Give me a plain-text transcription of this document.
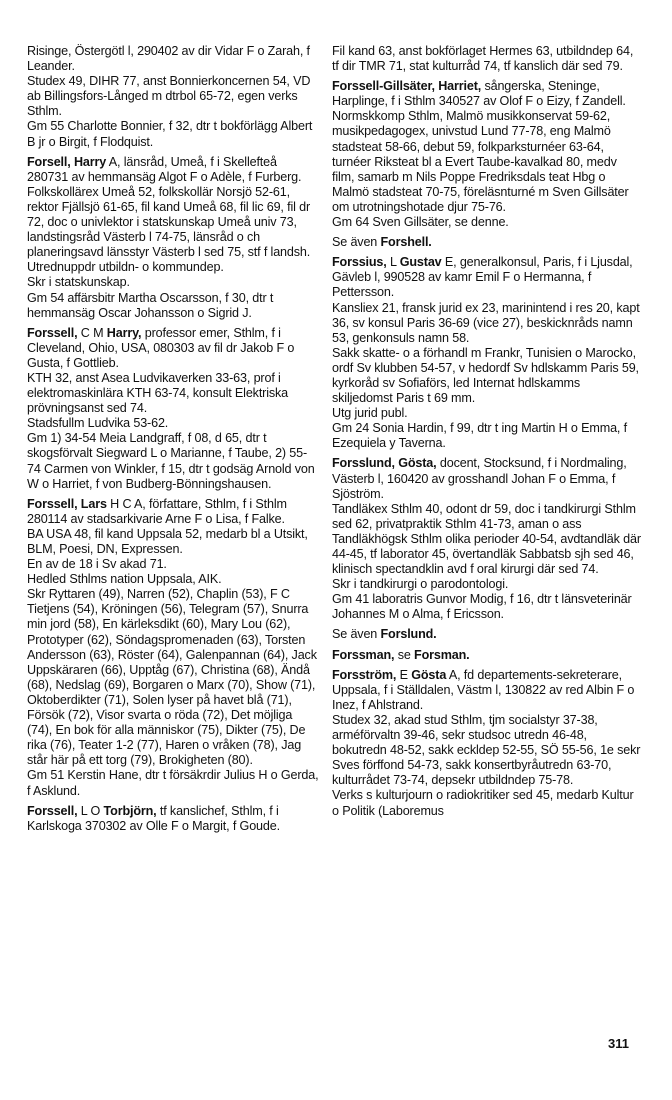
Risinge, Östergötl l, 290402 av dir Vidar F o Zarah, f Leander.

Studex 49, DIHR 77, anst Bonnierkoncernen 54, VD ab Billingsfors-Långed m dtrbol 65-72, egen verks Sthlm.

Gm 55 Charlotte Bonnier, f 32, dtr t bokförlägg Albert B jr o Birgit, f Flodquist.

Forsell, Harry A, länsråd, Umeå, f i Skellefteå 280731 av hemmansäg Algot F o Adèle, f Furberg.

Folkskollärex Umeå 52, folkskollär Norsjö 52-61, rektor Fjällsjö 61-65, fil kand Umeå 68, fil lic 69, fil dr 72, doc o univlektor i statskunskap Umeå univ 73, landstingsråd Västerb l 74-75, länsråd o ch planeringsavd länsstyr Västerb l sed 75, stf f landsh.

Utrednuppdr utbildn- o kommundep.

Skr i statskunskap.

Gm 54 affärsbitr Martha Oscarsson, f 30, dtr t hemmansäg Oscar Johansson o Sigrid J.

Forssell, C M Harry, professor emer, Sthlm, f i Cleveland, Ohio, USA, 080303 av fil dr Jakob F o Gusta, f Gottlieb.

KTH 32, anst Asea Ludvikaverken 33-63, prof i elektromaskinlära KTH 63-74, konsult Elektriska prövningsanst sed 74.

Stadsfullm Ludvika 53-62.

Gm 1) 34-54 Meia Landgraff, f 08, d 65, dtr t skogsförvalt Siegward L o Marianne, f Taube, 2) 55-74 Carmen von Winkler, f 15, dtr t godsäg Arnold von W o Harriet, f von Budberg-Bönningshausen.

Forssell, Lars H C A, författare, Sthlm, f i Sthlm 280114 av stadsarkivarie Arne F o Lisa, f Falke.

BA USA 48, fil kand Uppsala 52, medarb bl a Utsikt, BLM, Poesi, DN, Expressen.

En av de 18 i Sv akad 71.

Hedled Sthlms nation Uppsala, AIK.

Skr Ryttaren (49), Narren (52), Chaplin (53), F C Tietjens (54), Kröningen (56), Telegram (57), Snurra min jord (58), En kärleksdikt (60), Mary Lou (62), Prototyper (62), Söndagspromenaden (63), Torsten Andersson (63), Röster (64), Galenpannan (64), Jack Uppskäraren (66), Upptåg (67), Christina (68), Ändå (68), Nedslag (69), Borgaren o Marx (70), Show (71), Oktoberdikter (71), Solen lyser på havet blå (71), Försök (72), Visor svarta o röda (72), Det möjliga (74), En bok för alla människor (75), Dikter (75), De rika (76), Teater 1-2 (77), Haren o vråken (78), Jag står här på ett torg (79), Brokigheten (80).

Gm 51 Kerstin Hane, dtr t försäkrdir Julius H o Gerda, f Asklund.

Forssell, L O Torbjörn, tf kanslichef, Sthlm, f i Karlskoga 370302 av Olle F o Margit, f Goude.

Fil kand 63, anst bokförlaget Hermes 63, utbildndep 64, tf dir TMR 71, stat kulturråd 74, tf kanslich där sed 79.

Forssell-Gillsäter, Harriet, sångerska, Steninge, Harplinge, f i Sthlm 340527 av Olof F o Eizy, f Zandell.

Normskkomp Sthlm, Malmö musikkonservat 59-62, musikpedagogex, univstud Lund 77-78, eng Malmö stadsteat 58-66, debut 59, folkparksturnéer 63-64, turnéer Riksteat bl a Evert Taube-kavalkad 80, medv film, samarb m Nils Poppe Fredriksdals teat Hbg o Malmö stadsteat 70-75, föreläsnturné m Sven Gillsäter om utrotningshotade djur 75-76.

Gm 64 Sven Gillsäter, se denne.

Se även Forshell.

Forssius, L Gustav E, generalkonsul, Paris, f i Ljusdal, Gävleb l, 990528 av kamr Emil F o Hermanna, f Pettersson.

Kansliex 21, fransk jurid ex 23, marinintend i res 20, kapt 36, sv konsul Paris 36-69 (vice 27), beskicknråds namn 53, genkonsuls namn 58.

Sakk skatte- o a förhandl m Frankr, Tunisien o Marocko, ordf Sv klubben 54-57, v hedordf Sv hdlskamm Paris 59, kyrkoråd sv Sofiaförs, led Internat hdlskamms skiljedomst Paris t 69 mm.

Utg jurid publ.

Gm 24 Sonia Hardin, f 99, dtr t ing Martin H o Emma, f Ezequiela y Taverna.

Forsslund, Gösta, docent, Stocksund, f i Nordmaling, Västerb l, 160420 av grosshandl Johan F o Emma, f Sjöström.

Tandläkex Sthlm 40, odont dr 59, doc i tandkirurgi Sthlm sed 62, privatpraktik Sthlm 41-73, aman o ass Tandläkhögsk Sthlm olika perioder 40-54, avdtandläk där 44-45, tf laborator 45, övertandläk Sabbatsb sjh sed 46, klinisch spectandklin avd f oral kirurgi där sed 74.

Skr i tandkirurgi o parodontologi.

Gm 41 laboratris Gunvor Modig, f 16, dtr t länsveterinär Johannes M o Alma, f Ericsson.

Se även Forslund.

Forssman, se Forsman.

Forsström, E Gösta A, fd departements-sekreterare, Uppsala, f i Ställdalen, Västm l, 130822 av red Albin F o Inez, f Ahlstrand.

Studex 32, akad stud Sthlm, tjm socialstyr 37-38, arméförvaltn 39-46, sekr studsoc utredn 46-48, bokutredn 48-52, sakk eckldep 52-55, SÖ 55-56, 1e sekr Sves förffond 54-73, sakk konsertbyråutredn 63-70, kulturrådet 73-74, depsekr utbildndep 75-78.

Verks s kulturjourn o radiokritiker sed 45, medarb Kultur o Politik (Laboremus

311
